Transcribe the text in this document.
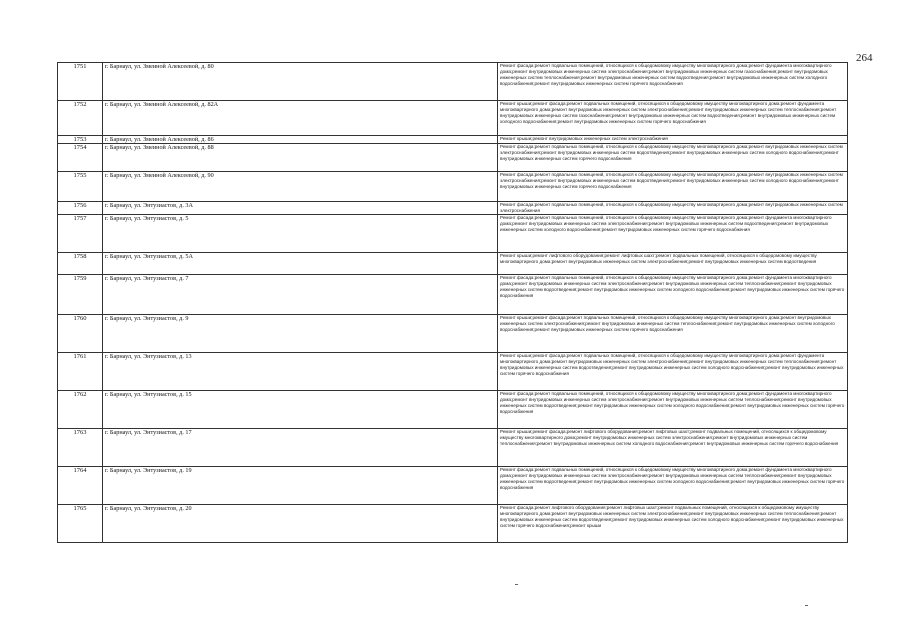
264
1751	г. Барнаул, ул. Змеиной Алексеевой, д. 80	Ремонт фасада;ремонт подвальных помещений, относящихся к общедомовому имуществу многоквартирного дома;ремонт фундамента многоквартирного дома;ремонт внутридомовых инженерных систем электроснабжения;ремонт внутридомовых инженерных систем газоснабжения;ремонт внутридомовых инженерных систем теплоснабжения;ремонт внутридомовых инженерных систем водоотведения;ремонт внутридомовых инженерных систем холодного водоснабжения;ремонт внутридомовых инженерных систем горячего водоснабжения
1752	г. Барнаул, ул. Змеиной Алексеевой, д. 82А	Ремонт крыши;ремонт фасада;ремонт подвальных помещений, относящихся к общедомовому имуществу многоквартирного дома;ремонт фундамента многоквартирного дома;ремонт внутридомовых инженерных систем электроснабжения;ремонт внутридомовых инженерных систем теплоснабжения;ремонт внутридомовых инженерных систем газоснабжения;ремонт внутридомовых инженерных систем водоотведения;ремонт внутридомовых инженерных систем холодного водоснабжения;ремонт внутридомовых инженерных систем горячего водоснабжения
1753	г. Барнаул, ул. Змеиной Алексеевой, д. 86	Ремонт крыши;ремонт внутридомовых инженерных систем электроснабжения
1754	г. Барнаул, ул. Змеиной Алексеевой, д. 88	Ремонт фасада;ремонт подвальных помещений, относящихся к общедомовому имуществу многоквартирного дома;ремонт внутридомовых инженерных систем электроснабжения;ремонт внутридомовых инженерных систем водоотведения;ремонт внутридомовых инженерных систем холодного водоснабжения;ремонт внутридомовых инженерных систем горячего водоснабжения
1755	г. Барнаул, ул. Змеиной Алексеевой, д. 90	Ремонт фасада;ремонт подвальных помещений, относящихся к общедомовому имуществу многоквартирного дома;ремонт внутридомовых инженерных систем электроснабжения;ремонт внутридомовых инженерных систем водоотведения;ремонт внутридомовых инженерных систем холодного водоснабжения;ремонт внутридомовых инженерных систем горячего водоснабжения
1756	г. Барнаул, ул. Энтузиастов, д. 3А	Ремонт фасада;ремонт подвальных помещений, относящихся к общедомовому имуществу многоквартирного дома;ремонт внутридомовых инженерных систем электроснабжения
1757	г. Барнаул, ул. Энтузиастов, д. 5	Ремонт фасада;ремонт подвальных помещений, относящихся к общедомовому имуществу многоквартирного дома;ремонт фундамента многоквартирного дома;ремонт внутридомовых инженерных систем электроснабжения;ремонт внутридомовых инженерных систем водоотведения;ремонт внутридомовых инженерных систем холодного водоснабжения;ремонт внутридомовых инженерных систем горячего водоснабжения
1758	г. Барнаул, ул. Энтузиастов, д. 5А	Ремонт крыши;ремонт лифтового оборудования;ремонт лифтовых шахт;ремонт подвальных помещений, относящихся к общедомовому имуществу многоквартирного дома;ремонт внутридомовых инженерных систем электроснабжения;ремонт внутридомовых инженерных систем водоотведения
1759	г. Барнаул, ул. Энтузиастов, д. 7	Ремонт фасада;ремонт подвальных помещений, относящихся к общедомовому имуществу многоквартирного дома;ремонт фундамента многоквартирного дома;ремонт внутридомовых инженерных систем электроснабжения;ремонт внутридомовых инженерных систем теплоснабжения;ремонт внутридомовых инженерных систем водоотведения;ремонт внутридомовых инженерных систем холодного водоснабжения;ремонт внутридомовых инженерных систем горячего водоснабжения
1760	г. Барнаул, ул. Энтузиастов, д. 9	Ремонт крыши;ремонт фасада;ремонт подвальных помещений, относящихся к общедомовому имуществу многоквартирного дома;ремонт внутридомовых инженерных систем электроснабжения;ремонт внутридомовых инженерных систем теплоснабжения;ремонт внутридомовых инженерных систем холодного водоснабжения;ремонт внутридомовых инженерных систем горячего водоснабжения
1761	г. Барнаул, ул. Энтузиастов, д. 13	Ремонт крыши;ремонт фасада;ремонт подвальных помещений, относящихся к общедомовому имуществу многоквартирного дома;ремонт фундамента многоквартирного дома;ремонт внутридомовых инженерных систем электроснабжения;ремонт внутридомовых инженерных систем теплоснабжения;ремонт внутридомовых инженерных систем водоотведения;ремонт внутридомовых инженерных систем холодного водоснабжения;ремонт внутридомовых инженерных систем горячего водоснабжения
1762	г. Барнаул, ул. Энтузиастов, д. 15	Ремонт фасада;ремонт подвальных помещений, относящихся к общедомовому имуществу многоквартирного дома;ремонт фундамента многоквартирного дома;ремонт внутридомовых инженерных систем электроснабжения;ремонт внутридомовых инженерных систем теплоснабжения;ремонт внутридомовых инженерных систем водоотведения;ремонт внутридомовых инженерных систем холодного водоснабжения;ремонт внутридомовых инженерных систем горячего водоснабжения
1763	г. Барнаул, ул. Энтузиастов, д. 17	Ремонт крыши;ремонт фасада;ремонт лифтового оборудования;ремонт лифтовых шахт;ремонт подвальных помещений, относящихся к общедомовому имуществу многоквартирного дома;ремонт внутридомовых инженерных систем электроснабжения;ремонт внутридомовых инженерных систем теплоснабжения;ремонт внутридомовых инженерных систем холодного водоснабжения;ремонт внутридомовых инженерных систем горячего водоснабжения
1764	г. Барнаул, ул. Энтузиастов, д. 19	Ремонт фасада;ремонт подвальных помещений, относящихся к общедомовому имуществу многоквартирного дома;ремонт фундамента многоквартирного дома;ремонт внутридомовых инженерных систем электроснабжения;ремонт внутридомовых инженерных систем теплоснабжения;ремонт внутридомовых инженерных систем водоотведения;ремонт внутридомовых инженерных систем холодного водоснабжения;ремонт внутридомовых инженерных систем горячего водоснабжения
1765	г. Барнаул, ул. Энтузиастов, д. 20	Ремонт фасада;ремонт лифтового оборудования;ремонт лифтовых шахт;ремонт подвальных помещений, относящихся к общедомовому имуществу многоквартирного дома;ремонт внутридомовых инженерных систем электроснабжения;ремонт внутридомовых инженерных систем теплоснабжения;ремонт внутридомовых инженерных систем водоотведения;ремонт внутридомовых инженерных систем холодного водоснабжения;ремонт внутридомовых инженерных систем горячего водоснабжения;ремонт крыши
